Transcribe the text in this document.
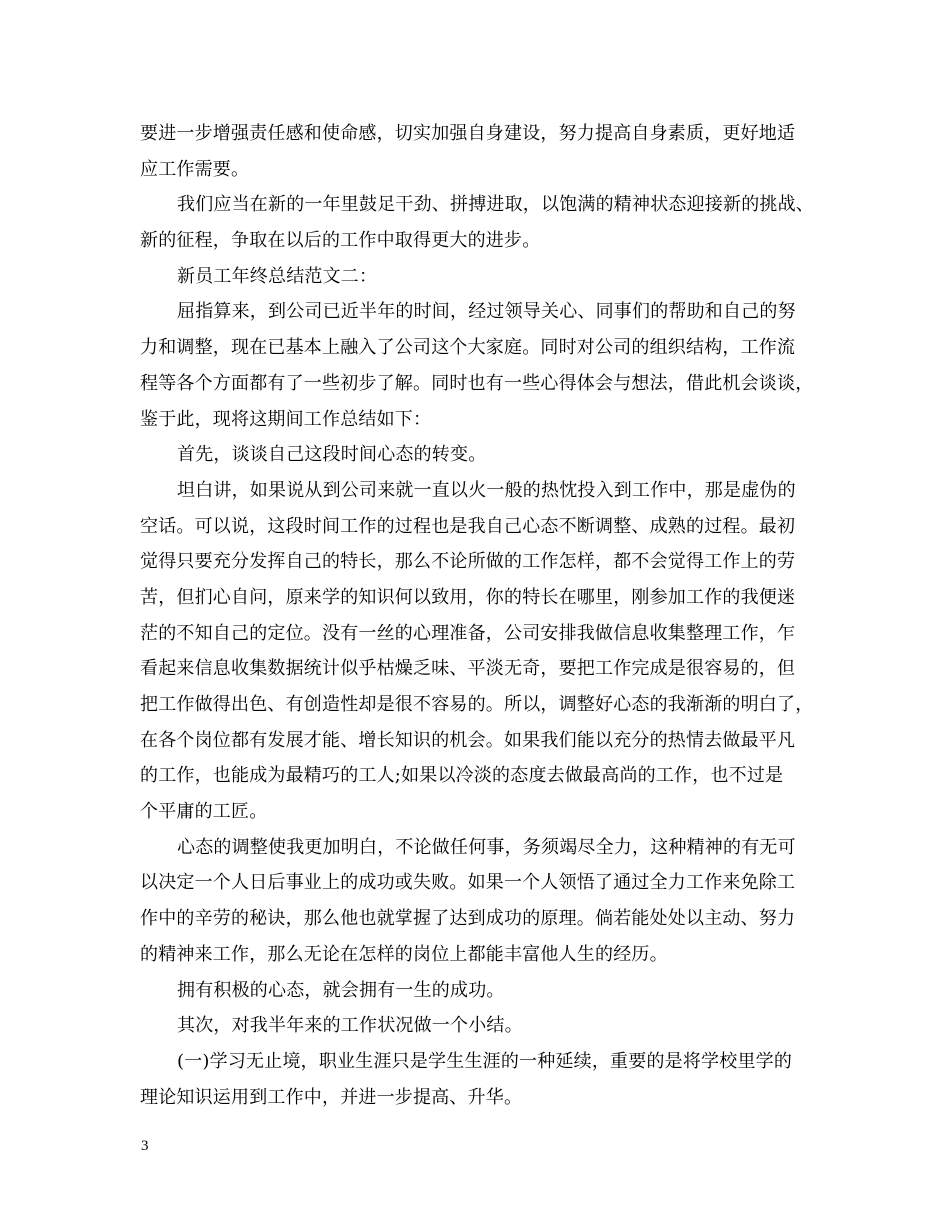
要进一步增强责任感和使命感，切实加强自身建设，努力提高自身素质，更好地适
应工作需要。

我们应当在新的一年里鼓足干劲、拼搏进取，以饱满的精神状态迎接新的挑战、
新的征程，争取在以后的工作中取得更大的进步。

新员工年终总结范文二：

屈指算来，到公司已近半年的时间，经过领导关心、同事们的帮助和自己的努
力和调整，现在已基本上融入了公司这个大家庭。同时对公司的组织结构，工作流
程等各个方面都有了一些初步了解。同时也有一些心得体会与想法，借此机会谈谈，
鉴于此，现将这期间工作总结如下：

首先，谈谈自己这段时间心态的转变。

坦白讲，如果说从到公司来就一直以火一般的热忱投入到工作中，那是虚伪的
空话。可以说，这段时间工作的过程也是我自己心态不断调整、成熟的过程。最初
觉得只要充分发挥自己的特长，那么不论所做的工作怎样，都不会觉得工作上的劳
苦，但扪心自问，原来学的知识何以致用，你的特长在哪里，刚参加工作的我便迷
茫的不知自己的定位。没有一丝的心理准备，公司安排我做信息收集整理工作，乍
看起来信息收集数据统计似乎枯燥乏味、平淡无奇，要把工作完成是很容易的，但
把工作做得出色、有创造性却是很不容易的。所以，调整好心态的我渐渐的明白了，
在各个岗位都有发展才能、增长知识的机会。如果我们能以充分的热情去做最平凡
的工作，也能成为最精巧的工人;如果以冷淡的态度去做最高尚的工作，也不过是
个平庸的工匠。

心态的调整使我更加明白，不论做任何事，务须竭尽全力，这种精神的有无可
以决定一个人日后事业上的成功或失败。如果一个人领悟了通过全力工作来免除工
作中的辛劳的秘诀，那么他也就掌握了达到成功的原理。倘若能处处以主动、努力
的精神来工作，那么无论在怎样的岗位上都能丰富他人生的经历。

拥有积极的心态，就会拥有一生的成功。

其次，对我半年来的工作状况做一个小结。

(一)学习无止境，职业生涯只是学生生涯的一种延续，重要的是将学校里学的
理论知识运用到工作中，并进一步提高、升华。

3
